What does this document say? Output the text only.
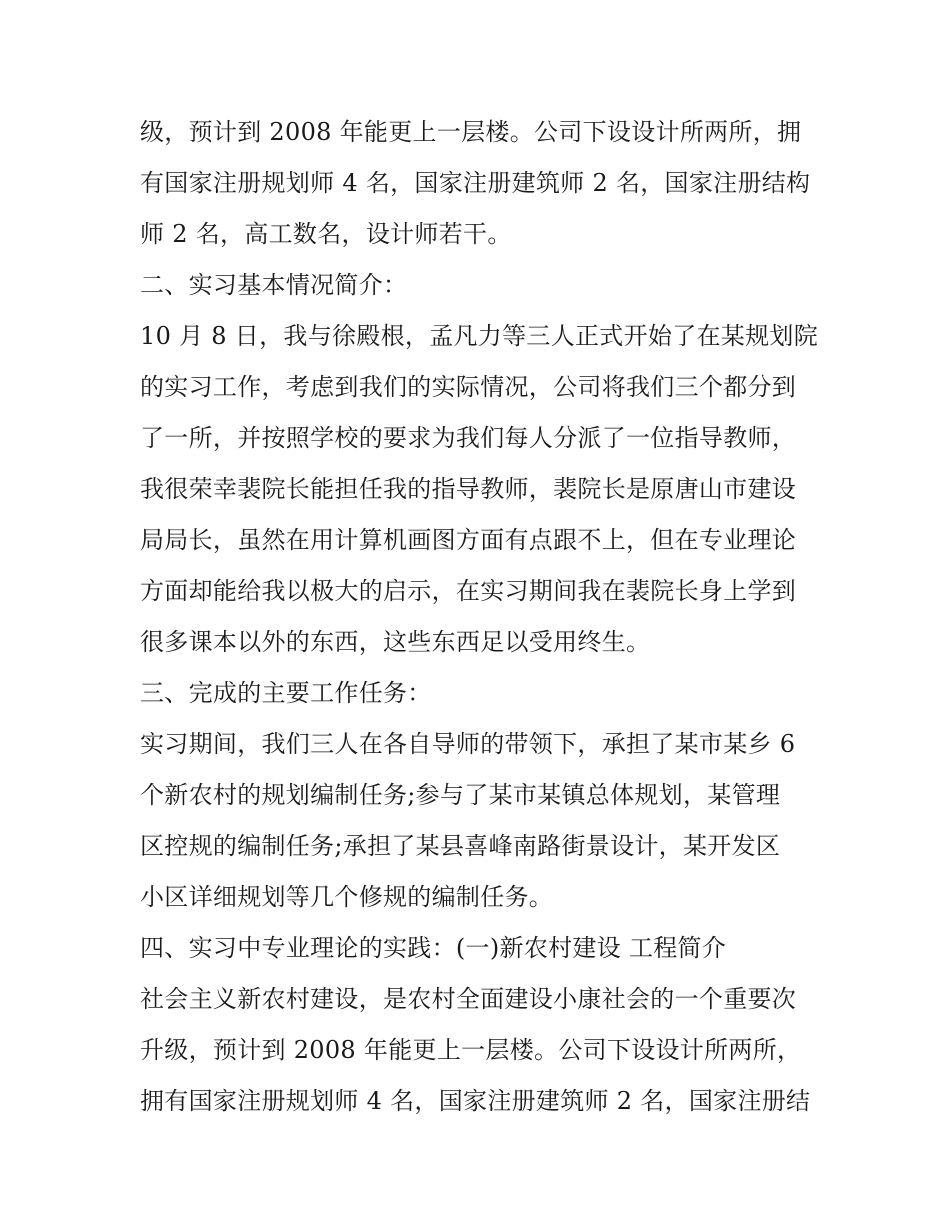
级，预计到 2008 年能更上一层楼。公司下设设计所两所，拥
有国家注册规划师 4 名，国家注册建筑师 2 名，国家注册结构
师 2 名，高工数名，设计师若干。
二、实习基本情况简介：
10 月 8 日，我与徐殿根，孟凡力等三人正式开始了在某规划院
的实习工作，考虑到我们的实际情况，公司将我们三个都分到
了一所，并按照学校的要求为我们每人分派了一位指导教师，
我很荣幸裴院长能担任我的指导教师，裴院长是原唐山市建设
局局长，虽然在用计算机画图方面有点跟不上，但在专业理论
方面却能给我以极大的启示，在实习期间我在裴院长身上学到
很多课本以外的东西，这些东西足以受用终生。
三、完成的主要工作任务：
实习期间，我们三人在各自导师的带领下，承担了某市某乡 6
个新农村的规划编制任务;参与了某市某镇总体规划，某管理
区控规的编制任务;承担了某县喜峰南路街景设计，某开发区
小区详细规划等几个修规的编制任务。
四、实习中专业理论的实践：(一)新农村建设 工程简介
社会主义新农村建设，是农村全面建设小康社会的一个重要次
升级，预计到 2008 年能更上一层楼。公司下设设计所两所，
拥有国家注册规划师 4 名，国家注册建筑师 2 名，国家注册结
